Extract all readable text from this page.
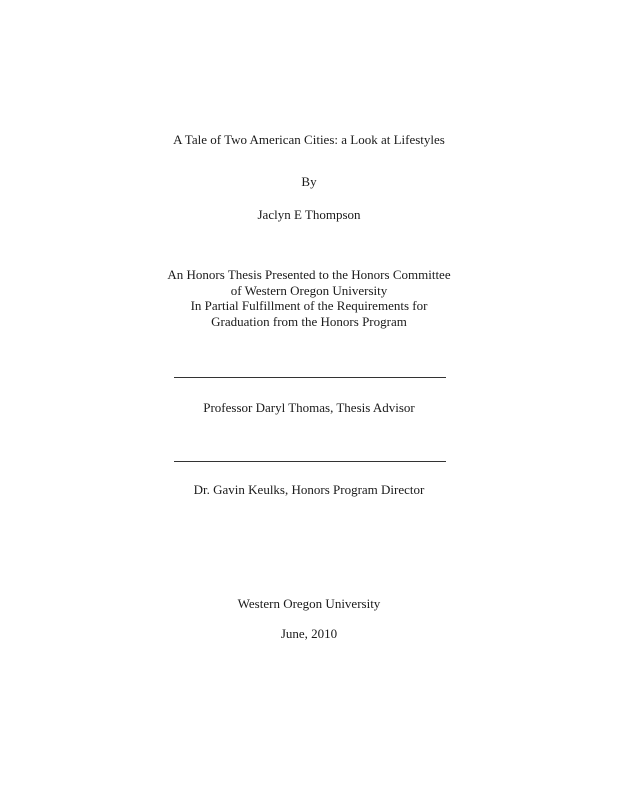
A Tale of Two American Cities: a Look at Lifestyles
By
Jaclyn E Thompson
An Honors Thesis Presented to the Honors Committee
of Western Oregon University
In Partial Fulfillment of the Requirements for
Graduation from the Honors Program
Professor Daryl Thomas, Thesis Advisor
Dr. Gavin Keulks, Honors Program Director
Western Oregon University
June, 2010
